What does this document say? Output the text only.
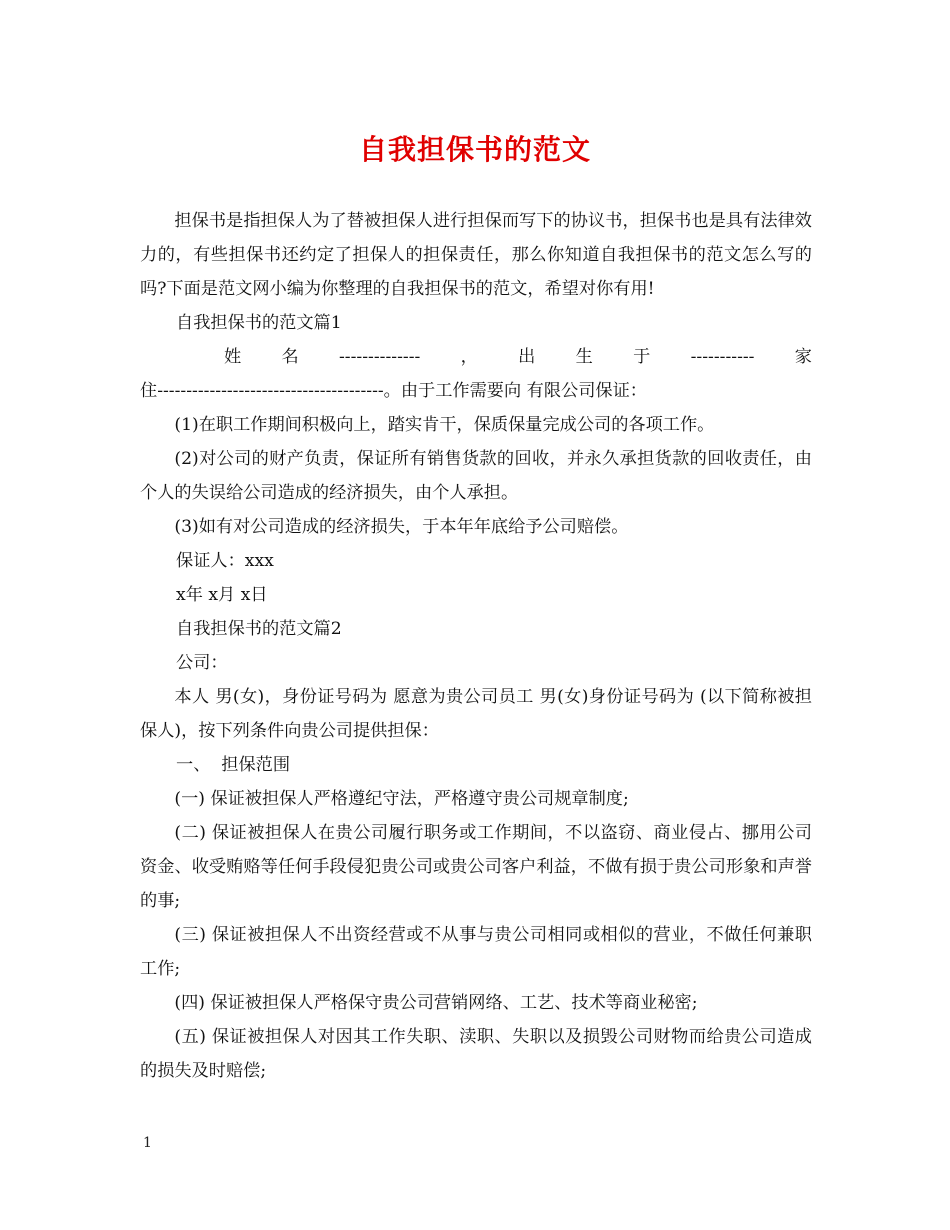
自我担保书的范文

担保书是指担保人为了替被担保人进行担保而写下的协议书，担保书也是具有法律效力的，有些担保书还约定了担保人的担保责任，那么你知道自我担保书的范文怎么写的吗?下面是范文网小编为你整理的自我担保书的范文，希望对你有用!

自我担保书的范文篇1

姓 名 -------------- ， 出 生 于 ----------- 家

住---------------------------------------。由于工作需要向 有限公司保证：

(1)在职工作期间积极向上，踏实肯干，保质保量完成公司的各项工作。

(2)对公司的财产负责，保证所有销售货款的回收，并永久承担货款的回收责任，由个人的失误给公司造成的经济损失，由个人承担。

(3)如有对公司造成的经济损失，于本年年底给予公司赔偿。

保证人：xxx

x年 x月 x日

自我担保书的范文篇2

公司：

本人 男(女)，身份证号码为 愿意为贵公司员工 男(女)身份证号码为 (以下简称被担保人)，按下列条件向贵公司提供担保：

一、  担保范围

(一) 保证被担保人严格遵纪守法，严格遵守贵公司规章制度;

(二) 保证被担保人在贵公司履行职务或工作期间，不以盗窃、商业侵占、挪用公司资金、收受贿赂等任何手段侵犯贵公司或贵公司客户利益，不做有损于贵公司形象和声誉的事;

(三) 保证被担保人不出资经营或不从事与贵公司相同或相似的营业，不做任何兼职工作;

(四) 保证被担保人严格保守贵公司营销网络、工艺、技术等商业秘密;

(五) 保证被担保人对因其工作失职、渎职、失职以及损毁公司财物而给贵公司造成的损失及时赔偿;

1
